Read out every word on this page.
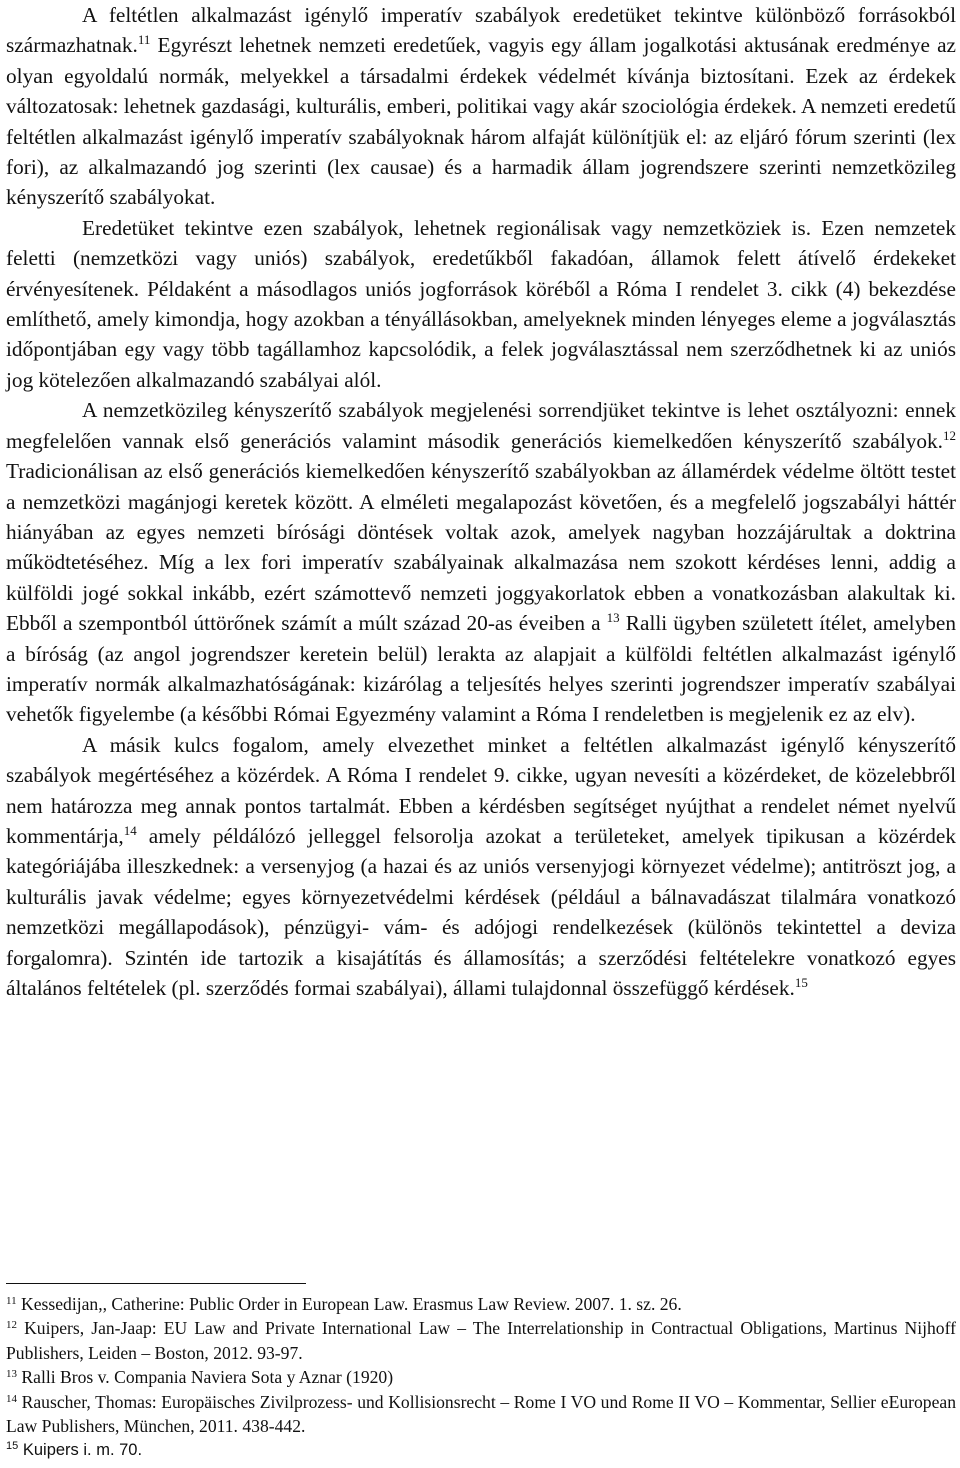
A feltétlen alkalmazást igénylő imperatív szabályok eredetüket tekintve különböző forrásokból származhatnak.$^{11}$ Egyrészt lehetnek nemzeti eredetűek, vagyis egy állam jogalkotási aktusának eredménye az olyan egyoldalú normák, melyekkel a társadalmi érdekek védelmét kívánja biztosítani. Ezek az érdekek változatosak: lehetnek gazdasági, kulturális, emberi, politikai vagy akár szociológia érdekek. A nemzeti eredetű feltétlen alkalmazást igénylő imperatív szabályoknak három alfaját különítjük el: az eljáró fórum szerinti (lex fori), az alkalmazandó jog szerinti (lex causae) és a harmadik állam jogrendszere szerinti nemzetközileg kényszerítő szabályokat.

Eredetüket tekintve ezen szabályok, lehetnek regionálisak vagy nemzetköziek is. Ezen nemzetek feletti (nemzetközi vagy uniós) szabályok, eredetűkből fakadóan, államok felett átívelő érdekeket érvényesítenek. Példaként a másodlagos uniós jogforrások köréből a Róma I rendelet 3. cikk (4) bekezdése említhető, amely kimondja, hogy azokban a tényállásokban, amelyeknek minden lényeges eleme a jogválasztás időpontjában egy vagy több tagállamhoz kapcsolódik, a felek jogválasztással nem szerződhetnek ki az uniós jog kötelezően alkalmazandó szabályai alól.

A nemzetközileg kényszerítő szabályok megjelenési sorrendjüket tekintve is lehet osztályozni: ennek megfelelően vannak első generációs valamint második generációs kiemelkedően kényszerítő szabályok.$^{12}$ Tradicionálisan az első generációs kiemelkedően kényszerítő szabályokban az államérdek védelme öltött testet a nemzetközi magánjogi keretek között. A elméleti megalapozást követően, és a megfelelő jogszabályi háttér hiányában az egyes nemzeti bírósági döntések voltak azok, amelyek nagyban hozzájárultak a doktrina működtetéséhez. Míg a lex fori imperatív szabályainak alkalmazása nem szokott kérdéses lenni, addig a külföldi jogé sokkal inkább, ezért számottevő nemzeti joggyakorlatok ebben a vonatkozásban alakultak ki. Ebből a szempontból úttörőnek számít a múlt század 20-as éveiben a $^{13}$ Ralli ügyben született ítélet, amelyben a bíróság (az angol jogrendszer keretein belül) lerakta az alapjait a külföldi feltétlen alkalmazást igénylő imperatív normák alkalmazhatóságának: kizárólag a teljesítés helyes szerinti jogrendszer imperatív szabályai vehetők figyelembe (a későbbi Római Egyezmény valamint a Róma I rendeletben is megjelenik ez az elv).

A másik kulcs fogalom, amely elvezethet minket a feltétlen alkalmazást igénylő kényszerítő szabályok megértéséhez a közérdek. A Róma I rendelet 9. cikke, ugyan nevesíti a közérdeket, de közelebbről nem határozza meg annak pontos tartalmát. Ebben a kérdésben segítséget nyújthat a rendelet német nyelvű kommentárja,$^{14}$ amely példálózó jelleggel felsorolja azokat a területeket, amelyek tipikusan a közérdek kategóriájába illeszkednek: a versenyjog (a hazai és az uniós versenyjogi környezet védelme); antitröszt jog, a kulturális javak védelme; egyes környezetvédelmi kérdések (például a bálnavadászat tilalmára vonatkozó nemzetközi megállapodások), pénzügyi- vám- és adójogi rendelkezések (különös tekintettel a deviza forgalomra). Szintén ide tartozik a kisajátítás és államosítás; a szerződési feltételekre vonatkozó egyes általános feltételek (pl. szerződés formai szabályai), állami tulajdonnal összefüggő kérdések.$^{15}$

$^{11}$ Kessedijan,, Catherine: Public Order in European Law. Erasmus Law Review. 2007. 1. sz. 26.

$^{12}$ Kuipers, Jan-Jaap: EU Law and Private International Law – The Interrelationship in Contractual Obligations, Martinus Nijhoff Publishers, Leiden – Boston, 2012. 93-97.

$^{13}$ Ralli Bros v. Compania Naviera Sota y Aznar (1920)

$^{14}$ Rauscher, Thomas: Europäisches Zivilprozess- und Kollisionsrecht – Rome I VO und Rome II VO – Kommentar, Sellier eEuropean Law Publishers, München, 2011. 438-442.

$^{15}$ Kuipers i. m. 70.
